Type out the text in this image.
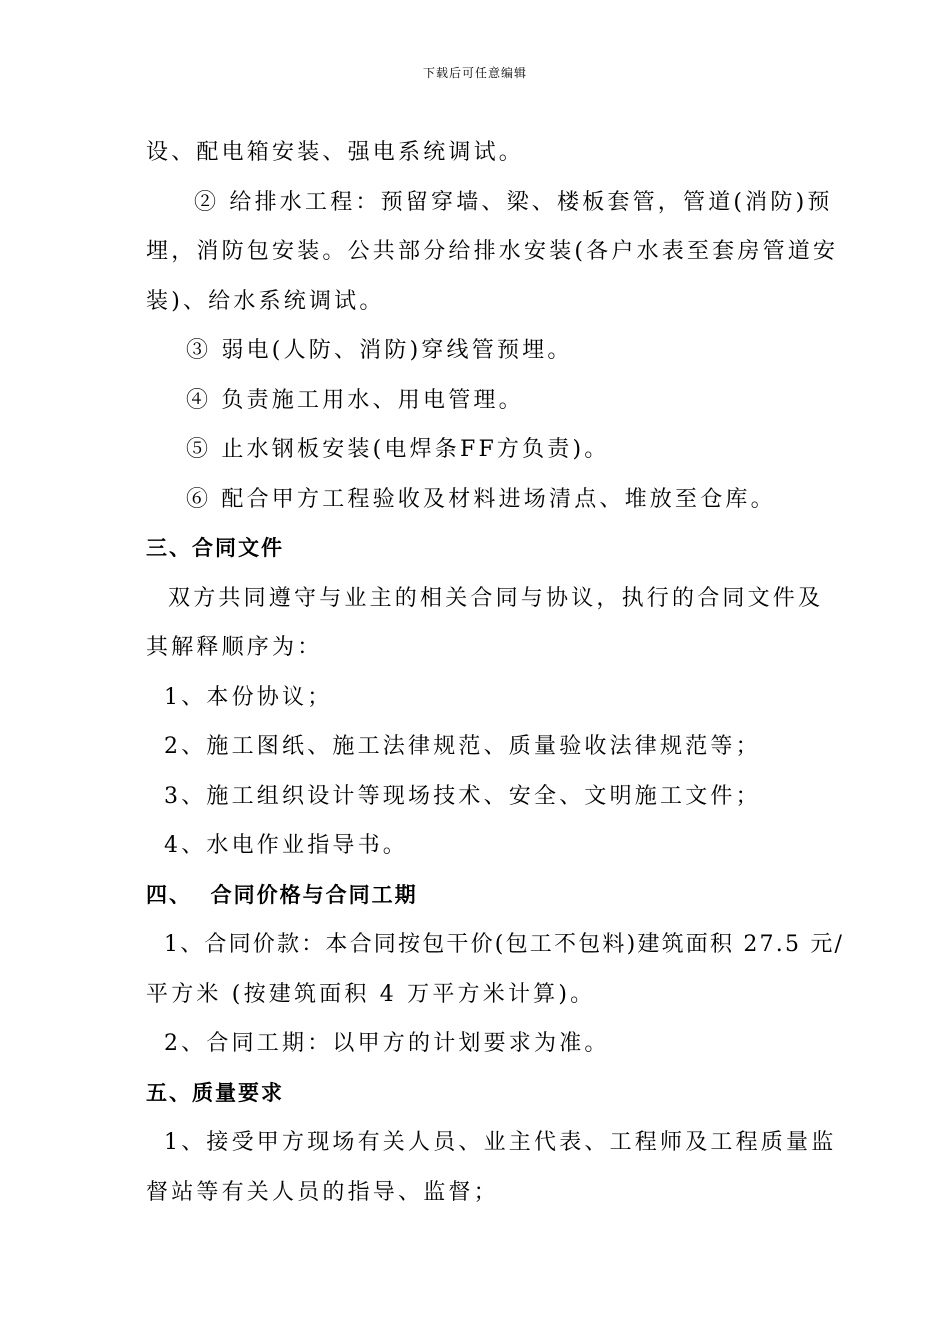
下载后可任意编辑
设、配电箱安装、强电系统调试。
② 给排水工程：预留穿墙、梁、楼板套管，管道(消防)预
埋，消防包安装。公共部分给排水安装(各户水表至套房管道安
装)、给水系统调试。
③ 弱电(人防、消防)穿线管预埋。
④ 负责施工用水、用电管理。
⑤ 止水钢板安装(电焊条FF方负责)。
⑥ 配合甲方工程验收及材料进场清点、堆放至仓库。
三、合同文件
双方共同遵守与业主的相关合同与协议，执行的合同文件及
其解释顺序为：
1、本份协议；
2、施工图纸、施工法律规范、质量验收法律规范等；
3、施工组织设计等现场技术、安全、文明施工文件；
4、水电作业指导书。
四、  合同价格与合同工期
1、合同价款：本合同按包干价(包工不包料)建筑面积 27.5 元/
平方米 (按建筑面积 4 万平方米计算)。
2、合同工期：以甲方的计划要求为准。
五、质量要求
1、接受甲方现场有关人员、业主代表、工程师及工程质量监
督站等有关人员的指导、监督；
